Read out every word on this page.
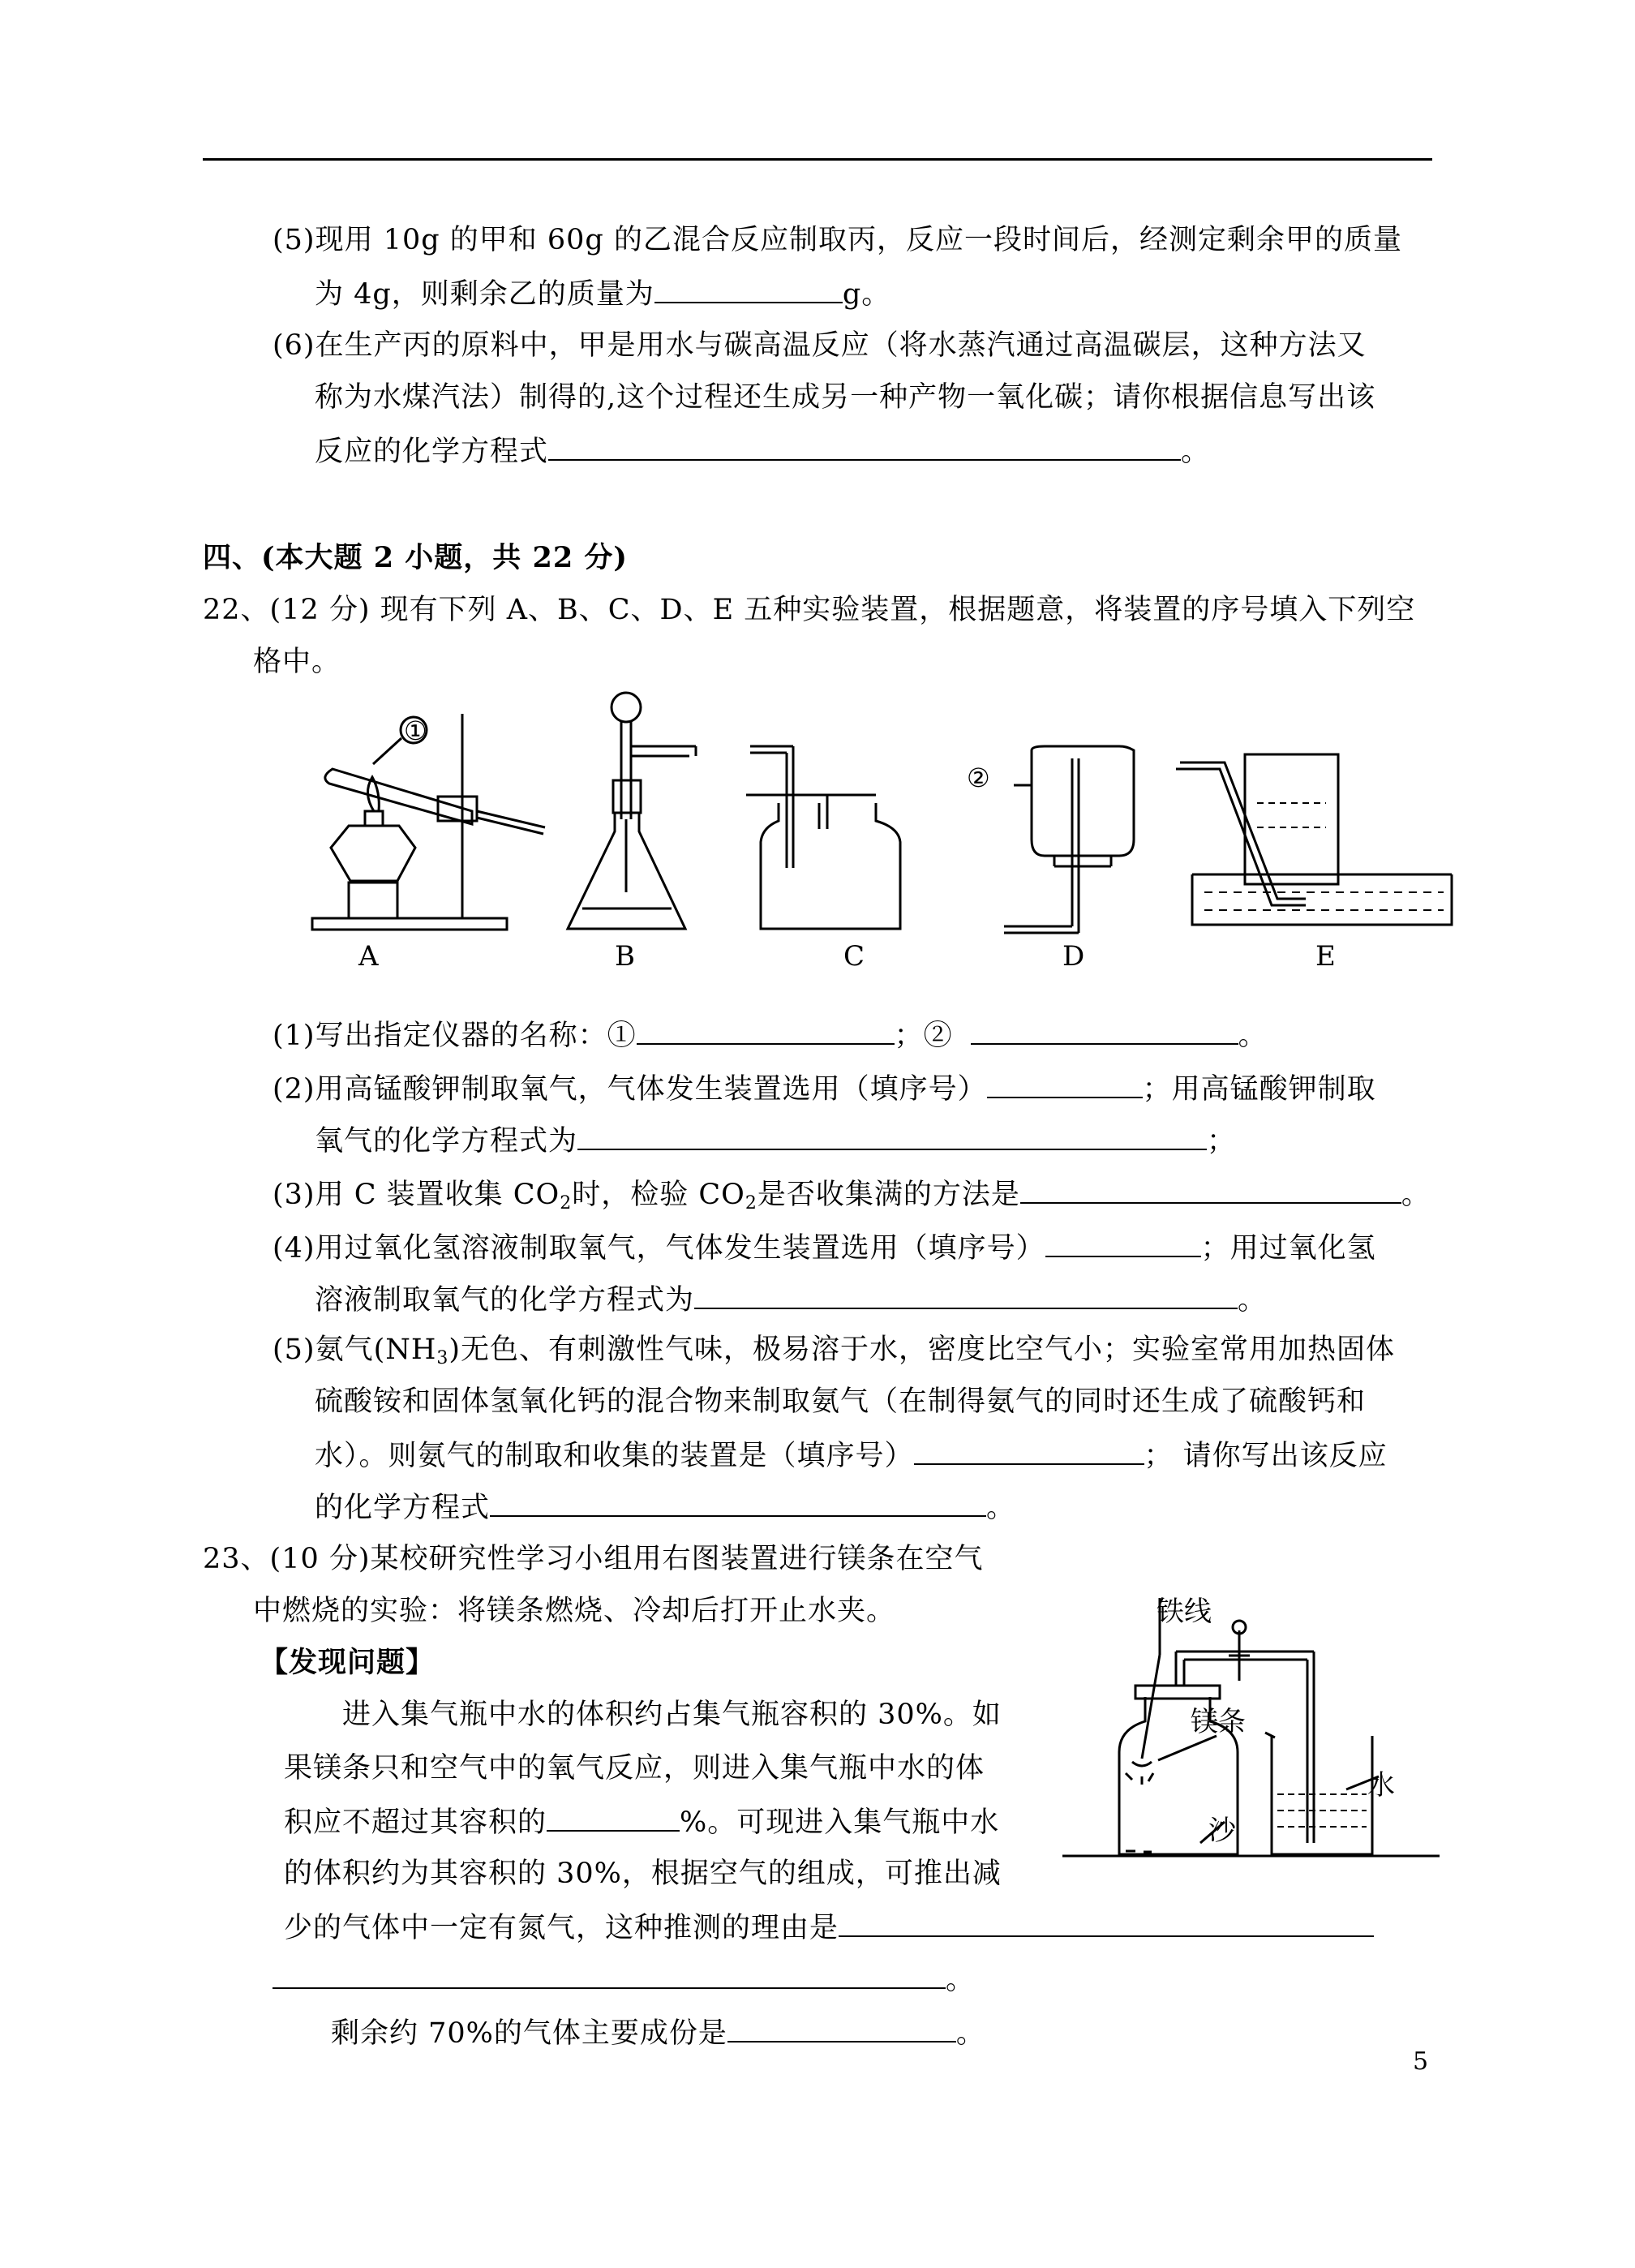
(5)现用 10g 的甲和 60g 的乙混合反应制取丙，反应一段时间后，经测定剩余甲的质量
为 4g，则剩余乙的质量为	g。
(6)在生产丙的原料中，甲是用水与碳高温反应（将水蒸汽通过高温碳层，这种方法又
称为水煤汽法）制得的,这个过程还生成另一种产物一氧化碳；请你根据信息写出该
反应的化学方程式	。
四、(本大题 2 小题，共 22 分)
22、(12 分) 现有下列 A、B、C、D、E 五种实验装置，根据题意，将装置的序号填入下列空
格中。
①
②
A	B	C	D	E
(1)写出指定仪器的名称：①	；②	。
(2)用高锰酸钾制取氧气，气体发生装置选用（填序号）	；用高锰酸钾制取
氧气的化学方程式为	；
(3)用 C 装置收集 $CO_2$时，检验 $CO_2$是否收集满的方法是	。
(4)用过氧化氢溶液制取氧气，气体发生装置选用（填序号）	；用过氧化氢
溶液制取氧气的化学方程式为	。
(5)氨气$(NH_3)$无色、有刺激性气味，极易溶于水，密度比空气小；实验室常用加热固体
硫酸铵和固体氢氧化钙的混合物来制取氨气（在制得氨气的同时还生成了硫酸钙和
水）。则氨气的制取和收集的装置是（填序号）	； 请你写出该反应
的化学方程式	。
23、(10 分)某校研究性学习小组用右图装置进行镁条在空气
中燃烧的实验：将镁条燃烧、冷却后打开止水夹。
【发现问题】
进入集气瓶中水的体积约占集气瓶容积的 30%。如
果镁条只和空气中的氧气反应，则进入集气瓶中水的体
积应不超过其容积的	%。可现进入集气瓶中水
的体积约为其容积的 30%，根据空气的组成，可推出减
少的气体中一定有氮气，这种推测的理由是
。
剩余约 70%的气体主要成份是	。
铁线
镁条
水
沙
5
